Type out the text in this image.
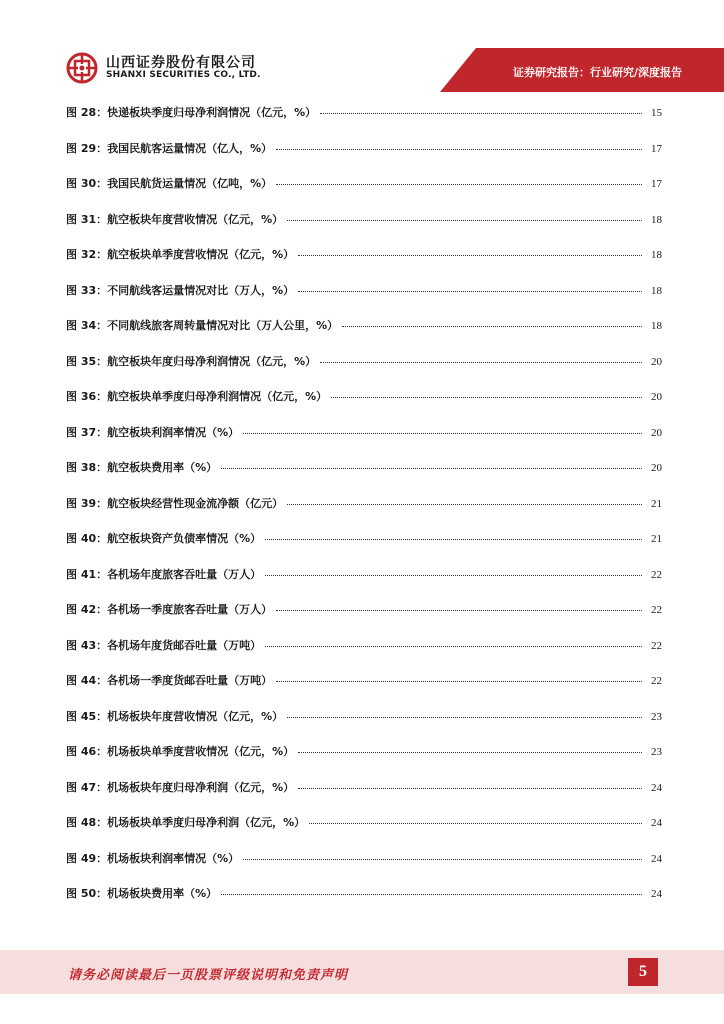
山西证券股份有限公司
SHANXI SECURITIES CO., LTD.	证券研究报告：行业研究/深度报告
图 28： 快递板块季度归母净利润情况（亿元，%）	15
图 29： 我国民航客运量情况（亿人，%）	17
图 30： 我国民航货运量情况（亿吨，%）	17
图 31： 航空板块年度营收情况（亿元，%）	18
图 32： 航空板块单季度营收情况（亿元，%）	18
图 33： 不同航线客运量情况对比（万人，%）	18
图 34： 不同航线旅客周转量情况对比（万人公里，%）	18
图 35： 航空板块年度归母净利润情况（亿元，%）	20
图 36： 航空板块单季度归母净利润情况（亿元，%）	20
图 37： 航空板块利润率情况（%）	20
图 38： 航空板块费用率（%）	20
图 39： 航空板块经营性现金流净额（亿元）	21
图 40： 航空板块资产负债率情况（%）	21
图 41： 各机场年度旅客吞吐量（万人）	22
图 42： 各机场一季度旅客吞吐量（万人）	22
图 43： 各机场年度货邮吞吐量（万吨）	22
图 44： 各机场一季度货邮吞吐量（万吨）	22
图 45： 机场板块年度营收情况（亿元，%）	23
图 46： 机场板块单季度营收情况（亿元，%）	23
图 47： 机场板块年度归母净利润（亿元，%）	24
图 48： 机场板块单季度归母净利润（亿元，%）	24
图 49： 机场板块利润率情况（%）	24
图 50： 机场板块费用率（%）	24
请务必阅读最后一页股票评级说明和免责声明	5
